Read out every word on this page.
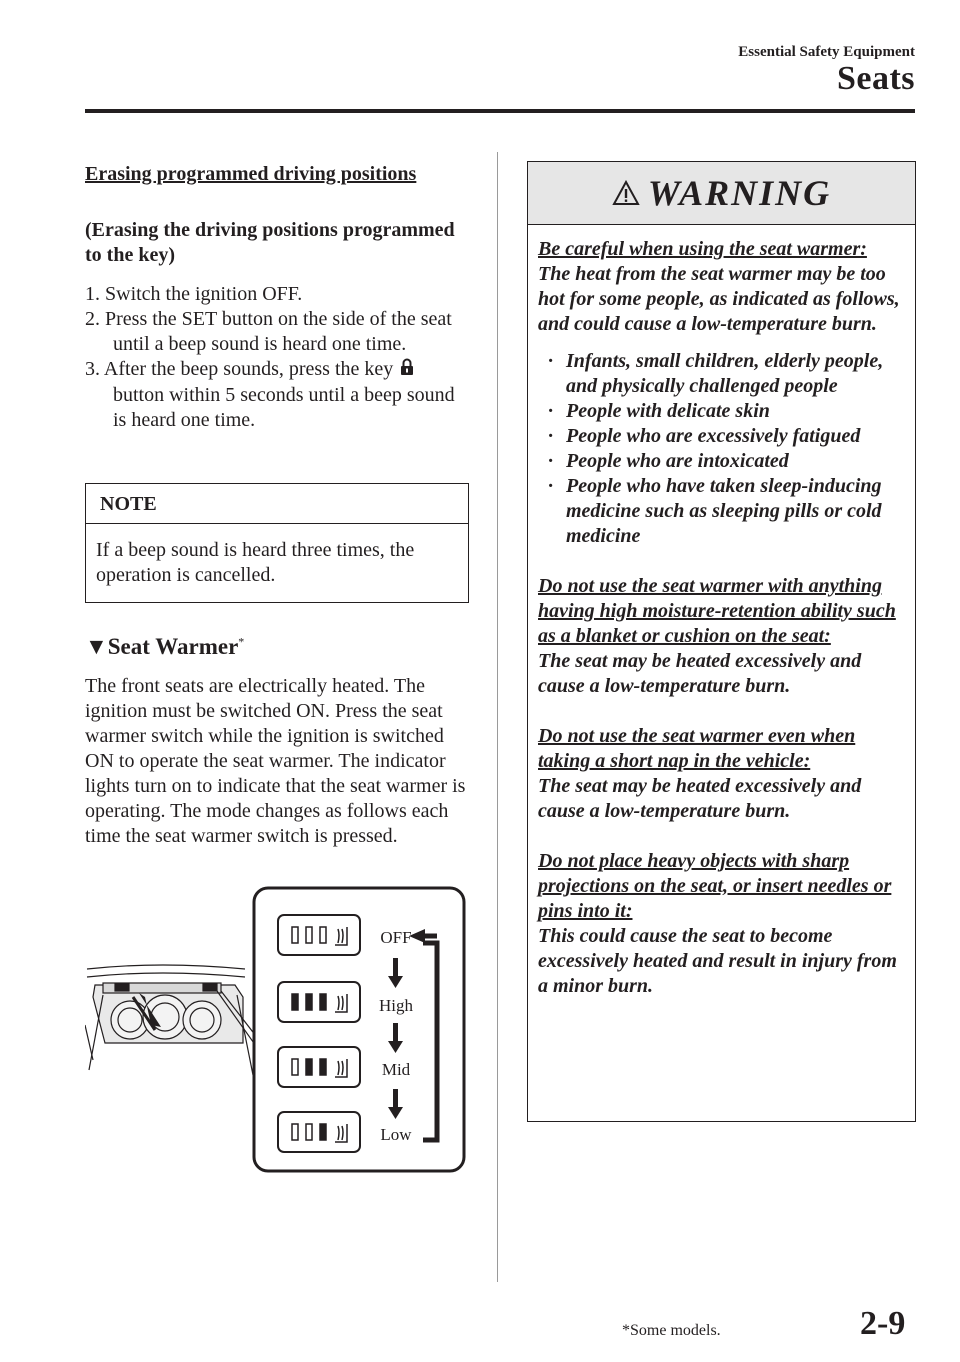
Essential Safety Equipment
Seats
Erasing programmed driving positions
(Erasing the driving positions programmed to the key)
1. Switch the ignition OFF.
2. Press the SET button on the side of the seat until a beep sound is heard one time.
3. After the beep sounds, press the key
button within 5 seconds until a beep sound is heard one time.
NOTE
If a beep sound is heard three times, the operation is cancelled.
▼Seat Warmer*
The front seats are electrically heated. The ignition must be switched ON. Press the seat warmer switch while the ignition is switched ON to operate the seat warmer. The indicator lights turn on to indicate that the seat warmer is operating. The mode changes as follows each time the seat warmer switch is pressed.
OFF
High
Mid
Low
WARNING
Be careful when using the seat warmer:
The heat from the seat warmer may be too hot for some people, as indicated as follows, and could cause a low-temperature burn.
· Infants, small children, elderly people, and physically challenged people
· People with delicate skin
· People who are excessively fatigued
· People who are intoxicated
· People who have taken sleep-inducing medicine such as sleeping pills or cold medicine
Do not use the seat warmer with anything having high moisture-retention ability such as a blanket or cushion on the seat:
The seat may be heated excessively and cause a low-temperature burn.
Do not use the seat warmer even when taking a short nap in the vehicle:
The seat may be heated excessively and cause a low-temperature burn.
Do not place heavy objects with sharp projections on the seat, or insert needles or pins into it:
This could cause the seat to become excessively heated and result in injury from a minor burn.
*Some models.	2-9
